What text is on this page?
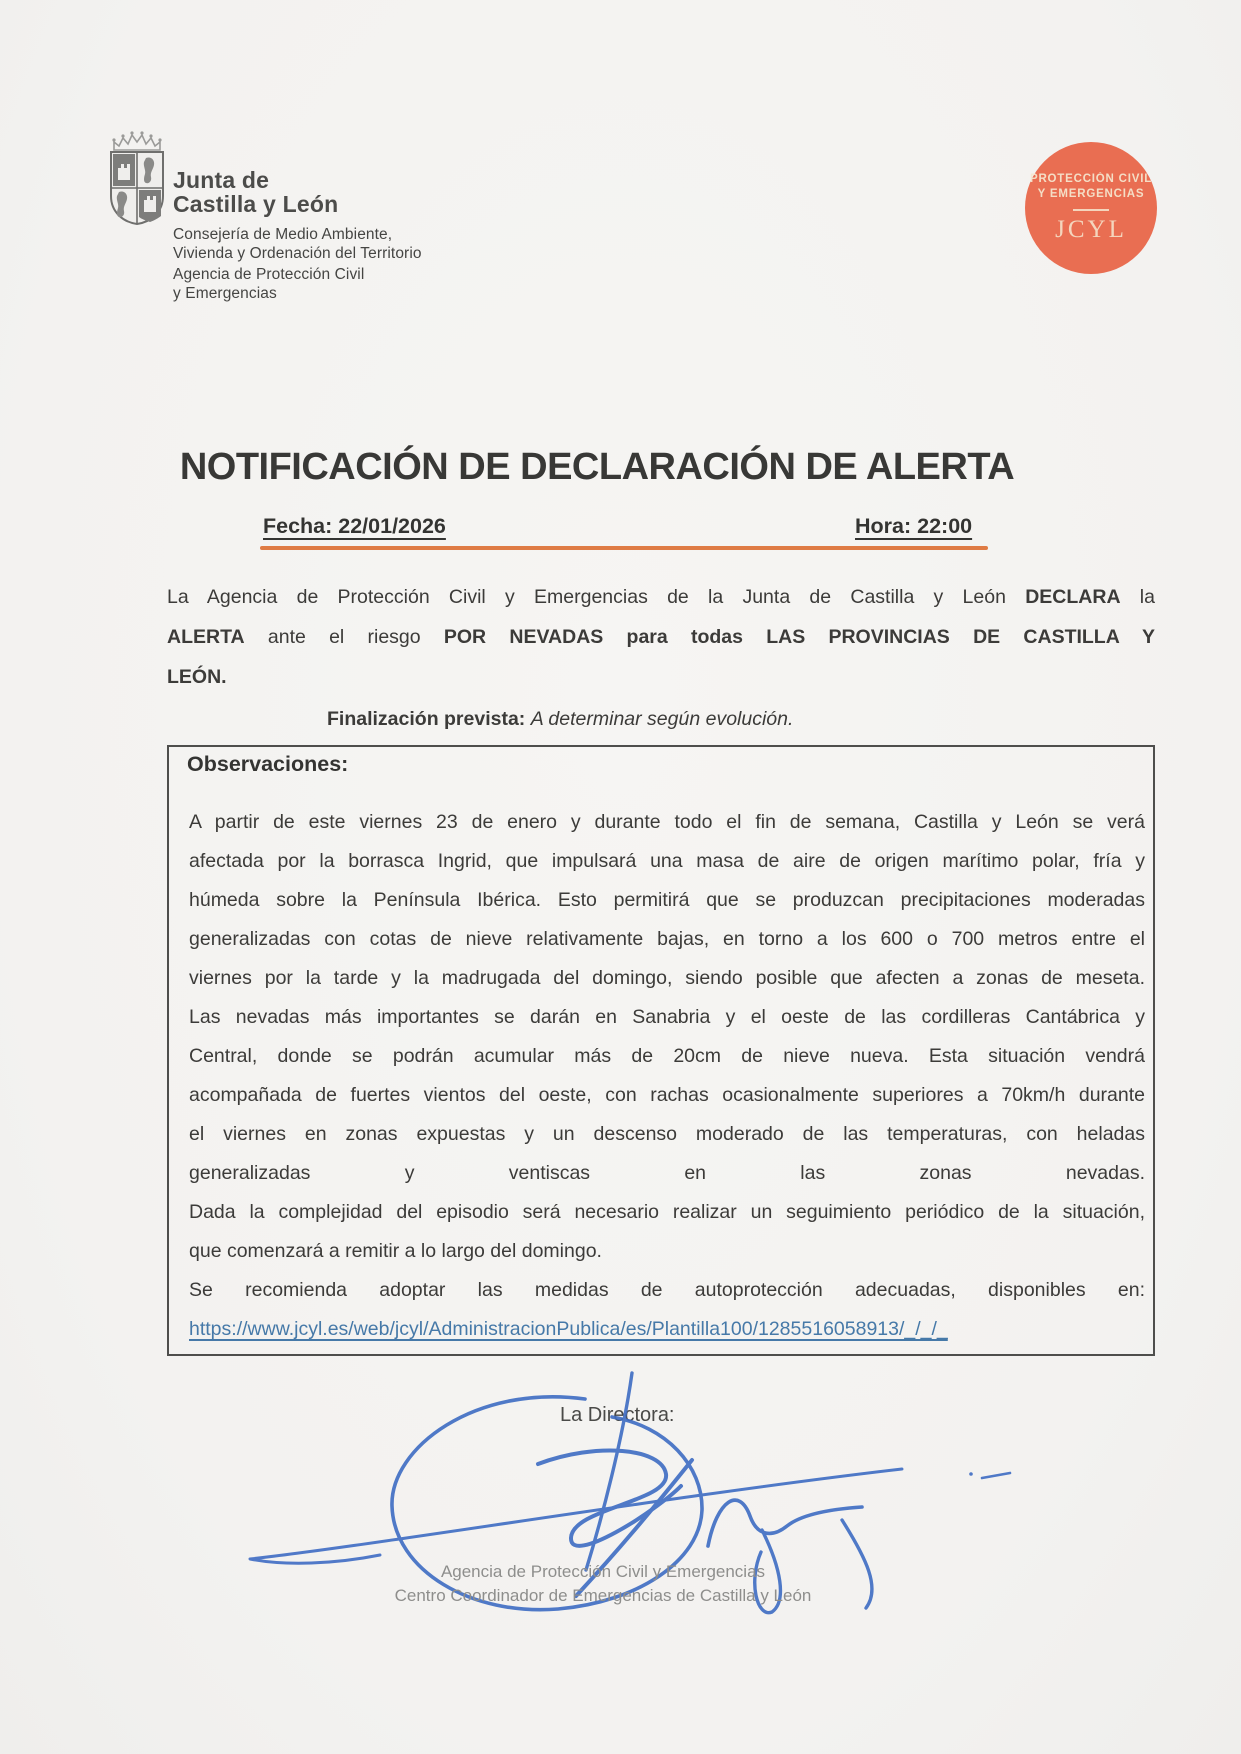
Junta de
Castilla y León
Consejería de Medio Ambiente,
Vivienda y Ordenación del Territorio
Agencia de Protección Civil
y Emergencias
PROTECCIÓN CIVIL
Y EMERGENCIAS
JCYL
NOTIFICACIÓN DE DECLARACIÓN DE ALERTA
Fecha: 22/01/2026	Hora: 22:00
La Agencia de Protección Civil y Emergencias de la Junta de Castilla y León DECLARA la
ALERTA ante el riesgo POR NEVADAS para todas LAS PROVINCIAS DE CASTILLA Y
LEÓN.
Finalización prevista: A determinar según evolución.
Observaciones:
A partir de este viernes 23 de enero y durante todo el fin de semana, Castilla y León se verá
afectada por la borrasca Ingrid, que impulsará una masa de aire de origen marítimo polar, fría y
húmeda sobre la Península Ibérica. Esto permitirá que se produzcan precipitaciones moderadas
generalizadas con cotas de nieve relativamente bajas, en torno a los 600 o 700 metros entre el
viernes por la tarde y la madrugada del domingo, siendo posible que afecten a zonas de meseta.
Las nevadas más importantes se darán en Sanabria y el oeste de las cordilleras Cantábrica y
Central, donde se podrán acumular más de 20cm de nieve nueva. Esta situación vendrá
acompañada de fuertes vientos del oeste, con rachas ocasionalmente superiores a 70km/h durante
el viernes en zonas expuestas y un descenso moderado de las temperaturas, con heladas
generalizadas y ventiscas en las zonas nevadas.
Dada la complejidad del episodio será necesario realizar un seguimiento periódico de la situación,
que comenzará a remitir a lo largo del domingo.
Se recomienda adoptar las medidas de autoprotección adecuadas, disponibles en:
https://www.jcyl.es/web/jcyl/AdministracionPublica/es/Plantilla100/1285516058913/_/_/_
La Directora:
Agencia de Protección Civil y Emergencias
Centro Coordinador de Emergencias de Castilla y León
